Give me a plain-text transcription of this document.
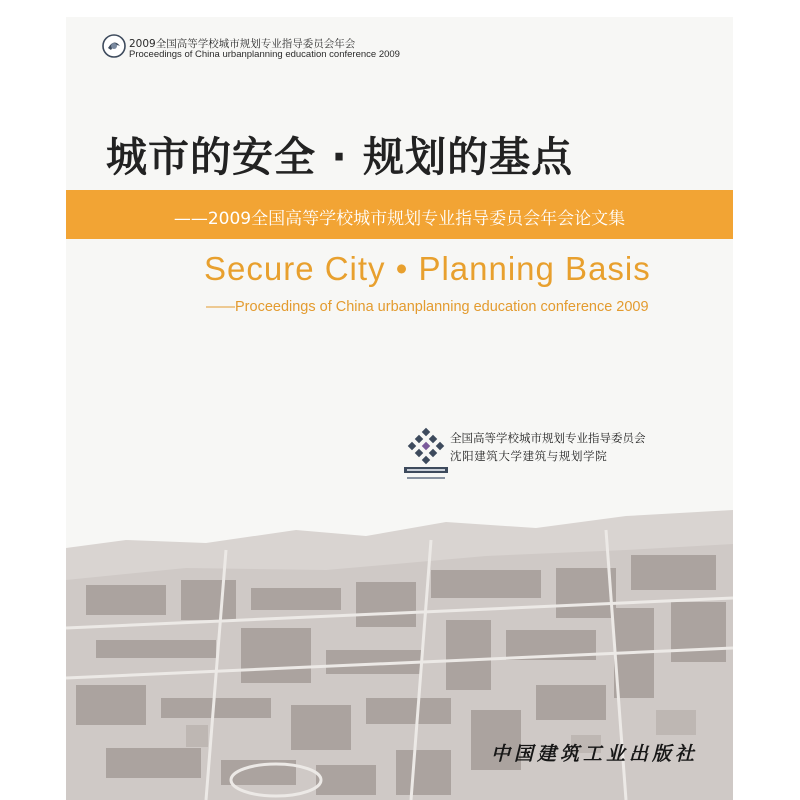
2009全国高等学校城市规划专业指导委员会年会
Proceedings of China urbanplanning education conference 2009
城市的安全 · 规划的基点
——2009全国高等学校城市规划专业指导委员会年会论文集
Secure City • Planning Basis
——Proceedings of China urbanplanning education conference 2009
全国高等学校城市规划专业指导委员会
沈阳建筑大学建筑与规划学院
中国建筑工业出版社
